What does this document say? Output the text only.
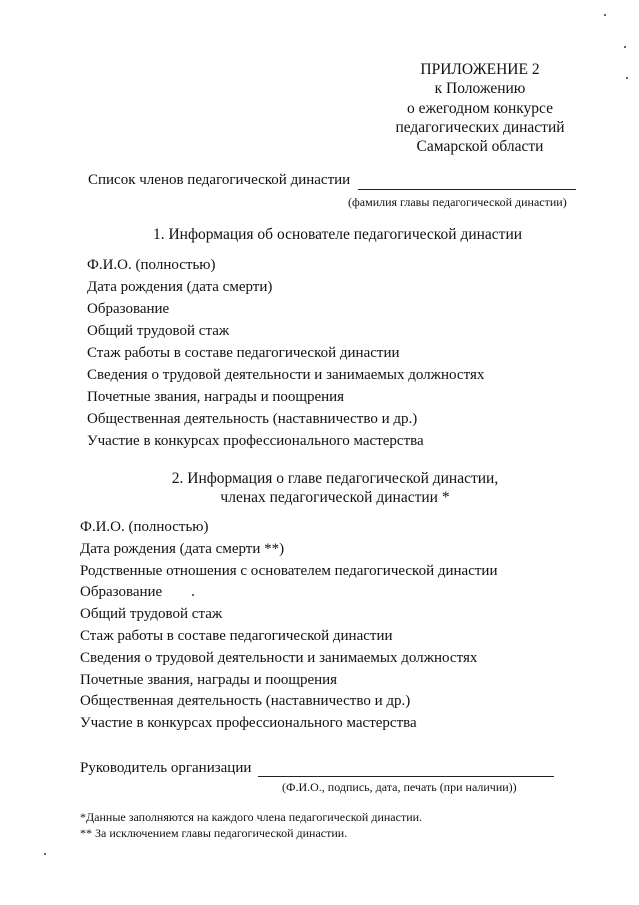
ПРИЛОЖЕНИЕ 2
к Положению
о ежегодном конкурсе
педагогических династий
Самарской области
Список членов педагогической династии
(фамилия главы педагогической династии)
1. Информация об основателе педагогической династии
Ф.И.О. (полностью)
Дата рождения (дата смерти)
Образование
Общий трудовой стаж
Стаж работы в составе педагогической династии
Сведения о трудовой деятельности и занимаемых должностях
Почетные звания, награды и поощрения
Общественная деятельность (наставничество и др.)
Участие в конкурсах профессионального мастерства
2. Информация о главе педагогической династии,
членах педагогической династии *
Ф.И.О. (полностью)
Дата рождения (дата смерти **)
Родственные отношения с основателем педагогической династии
Образование
Общий трудовой стаж
Стаж работы в составе педагогической династии
Сведения о трудовой деятельности и занимаемых должностях
Почетные звания, награды и поощрения
Общественная деятельность (наставничество и др.)
Участие в конкурсах профессионального мастерства
Руководитель организации
(Ф.И.О., подпись, дата, печать (при наличии))
*Данные заполняются на каждого члена педагогической династии.
** За исключением главы педагогической династии.
